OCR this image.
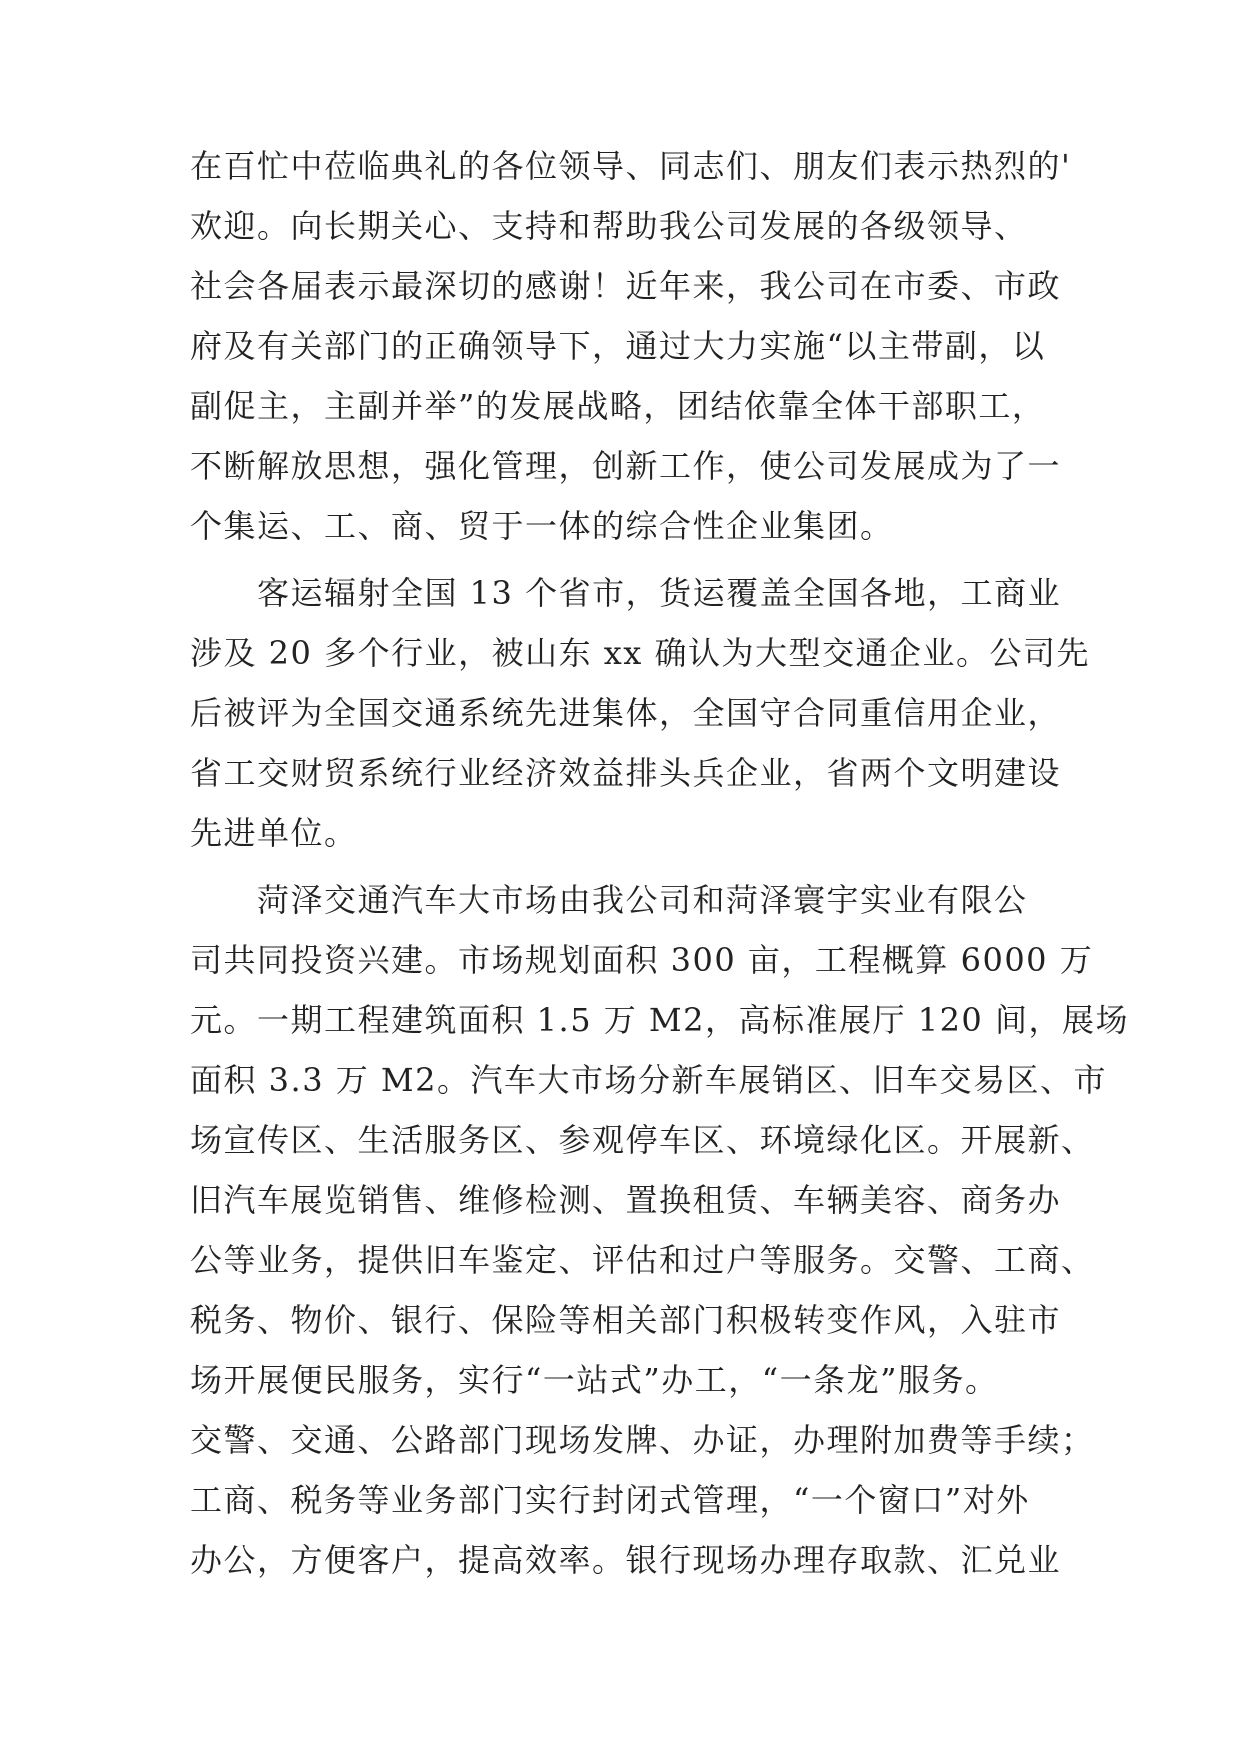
在百忙中莅临典礼的各位领导、同志们、朋友们表示热烈的'
欢迎。向长期关心、支持和帮助我公司发展的各级领导、
社会各届表示最深切的感谢！近年来，我公司在市委、市政
府及有关部门的正确领导下，通过大力实施“以主带副，以
副促主，主副并举”的发展战略，团结依靠全体干部职工，
不断解放思想，强化管理，创新工作，使公司发展成为了一
个集运、工、商、贸于一体的综合性企业集团。
客运辐射全国 13 个省市，货运覆盖全国各地，工商业
涉及 20 多个行业，被山东 xx 确认为大型交通企业。公司先
后被评为全国交通系统先进集体，全国守合同重信用企业，
省工交财贸系统行业经济效益排头兵企业，省两个文明建设
先进单位。
菏泽交通汽车大市场由我公司和菏泽寰宇实业有限公
司共同投资兴建。市场规划面积 300 亩，工程概算 6000 万
元。一期工程建筑面积 1.5 万 M2，高标准展厅 120 间，展场
面积 3.3 万 M2。汽车大市场分新车展销区、旧车交易区、市
场宣传区、生活服务区、参观停车区、环境绿化区。开展新、
旧汽车展览销售、维修检测、置换租赁、车辆美容、商务办
公等业务，提供旧车鉴定、评估和过户等服务。交警、工商、
税务、物价、银行、保险等相关部门积极转变作风，入驻市
场开展便民服务，实行“一站式”办工，“一条龙”服务。
交警、交通、公路部门现场发牌、办证，办理附加费等手续；
工商、税务等业务部门实行封闭式管理，“一个窗口”对外
办公，方便客户，提高效率。银行现场办理存取款、汇兑业
